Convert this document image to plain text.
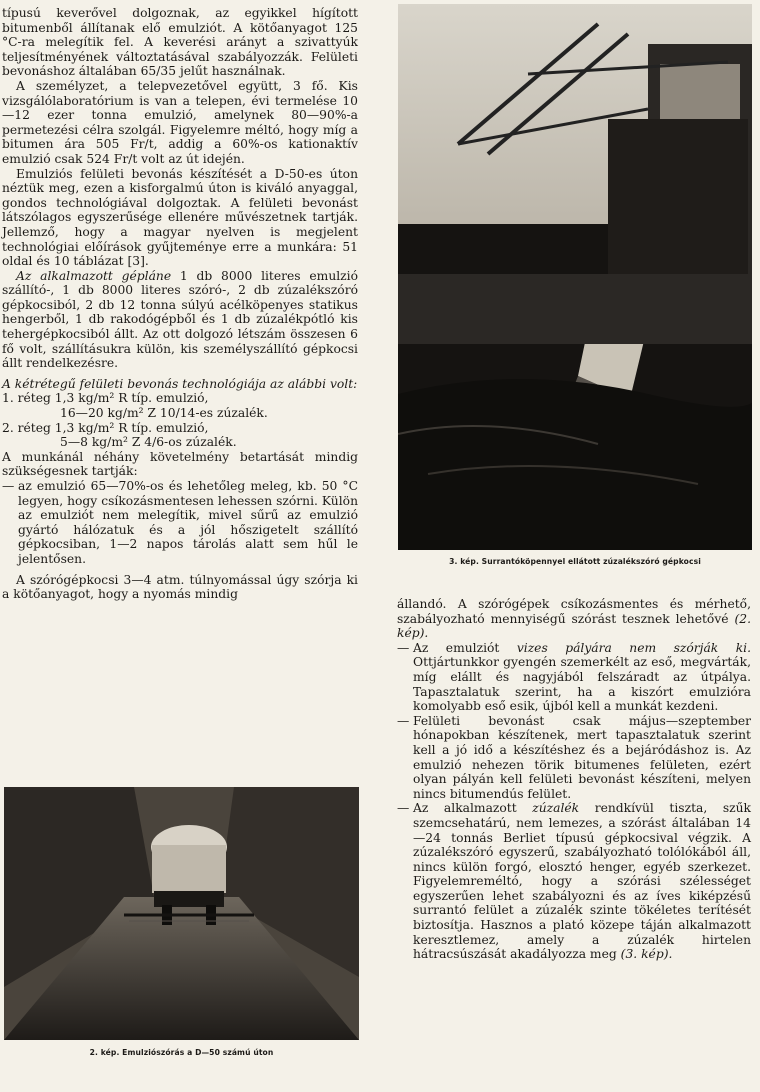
típusú keverővel dolgoznak, az egyikkel hígított bitumenből állítanak elő emulziót. A kötőanyagot 125 °C-ra melegítik fel. A keverési arányt a szivattyúk teljesítményének változtatásával szabályozzák. Felületi bevonáshoz általában 65/35 jelűt használnak.

A személyzet, a telepvezetővel együtt, 3 fő. Kis vizsgálólaboratórium is van a telepen, évi termelése 10—12 ezer tonna emulzió, amelynek 80—90%-a permetezési célra szolgál. Figyelemre méltó, hogy míg a bitumen ára 505 Fr/t, addig a 60%-os kationaktív emulzió csak 524 Fr/t volt az út idején.

Emulziós felületi bevonás készítését a D-50-es úton néztük meg, ezen a kisforgalmú úton is kiváló anyaggal, gondos technológiával dolgoztak. A felületi bevonást látszólagos egyszerűsége ellenére művészetnek tartják. Jellemző, hogy a magyar nyelven is megjelent technológiai előírások gyűjteménye erre a munkára: 51 oldal és 10 táblázat [3].

Az alkalmazott gépláne 1 db 8000 literes emulzió szállító-, 1 db 8000 literes szóró-, 2 db zúzalékszóró gépkocsiból, 2 db 12 tonna súlyú acélköpenyes statikus hengerből, 1 db rakodógépből és 1 db zúzalékpótló kis tehergépkocsiból állt. Az ott dolgozó létszám összesen 6 fő volt, szállításukra külön, kis személyszállító gépkocsi állt rendelkezésre.

A kétrétegű felületi bevonás technológiája az alábbi volt:

1. réteg 1,3 kg/m² R típ. emulzió,

16—20 kg/m² Z 10/14-es zúzalék.

2. réteg 1,3 kg/m² R típ. emulzió,

5—8 kg/m² Z 4/6-os zúzalék.

A munkánál néhány követelmény betartását mindig szükségesnek tartják:

— az emulzió 65—70%-os és lehetőleg meleg, kb. 50 °C legyen, hogy csíkozásmentesen lehessen szórni. Külön az emulziót nem melegítik, mivel sűrű az emulzió gyártó hálózatuk és a jól hőszigetelt szállító gépkocsiban, 1—2 napos tárolás alatt sem hűl le jelentősen.

A szórógépkocsi 3—4 atm. túlnyomással úgy szórja ki a kötőanyagot, hogy a nyomás mindig

állandó. A szórógépek csíkozásmentes és mérhető, szabályozható mennyiségű szórást tesznek lehetővé (2. kép).

— Az emulziót vizes pályára nem szórják ki. Ottjártunkkor gyengén szemerkélt az eső, megvárták, míg elállt és nagyjából felszáradt az útpálya. Tapasztalatuk szerint, ha a kiszórt emulzióra komolyabb eső esik, újból kell a munkát kezdeni.

— Felületi bevonást csak május—szeptember hónapokban készítenek, mert tapasztalatuk szerint kell a jó idő a készítéshez és a bejáródáshoz is. Az emulzió nehezen törik bitumenes felületen, ezért olyan pályán kell felületi bevonást készíteni, melyen nincs bitumendús felület.

— Az alkalmazott zúzalék rendkívül tiszta, szűk szemcsehatárú, nem lemezes, a szórást általában 14—24 tonnás Berliet típusú gépkocsival végzik. A zúzalékszóró egyszerű, szabályozható tolólókából áll, nincs külön forgó, elosztó henger, egyéb szerkezet. Figyelemreméltó, hogy a szórási szélességet egyszerűen lehet szabályozni és az íves kiképzésű surrantó felület a zúzalék szinte tökéletes terítését biztosítja. Hasznos a plató közepe táján alkalmazott keresztlemez, amely a zúzalék hirtelen hátracsúszását akadályozza meg (3. kép).

3. kép. Surrantóköpennyel ellátott zúzalékszóró gépkocsi
2. kép. Emulziószórás a D—50 számú úton
